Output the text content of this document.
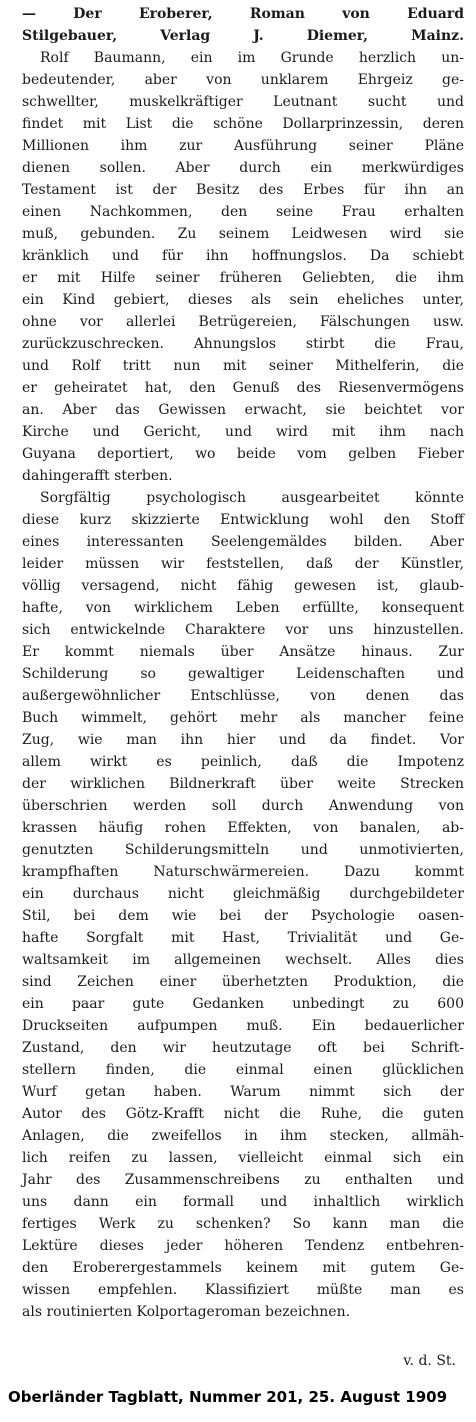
— Der Eroberer, Roman von Eduard
Stilgebauer, Verlag J. Diemer, Mainz.
Rolf Baumann, ein im Grunde herzlich un-
bedeutender, aber von unklarem Ehrgeiz ge-
schwellter, muskelkräftiger Leutnant sucht und
findet mit List die schöne Dollarprinzessin, deren
Millionen ihm zur Ausführung seiner Pläne
dienen sollen. Aber durch ein merkwürdiges
Testament ist der Besitz des Erbes für ihn an
einen Nachkommen, den seine Frau erhalten
muß, gebunden. Zu seinem Leidwesen wird sie
kränklich und für ihn hoffnungslos. Da schiebt
er mit Hilfe seiner früheren Geliebten, die ihm
ein Kind gebiert, dieses als sein eheliches unter,
ohne vor allerlei Betrügereien, Fälschungen usw.
zurückzuschrecken. Ahnungslos stirbt die Frau,
und Rolf tritt nun mit seiner Mithelferin, die
er geheiratet hat, den Genuß des Riesenvermögens
an. Aber das Gewissen erwacht, sie beichtet vor
Kirche und Gericht, und wird mit ihm nach
Guyana deportiert, wo beide vom gelben Fieber
dahingerafft sterben.
Sorgfältig psychologisch ausgearbeitet könnte
diese kurz skizzierte Entwicklung wohl den Stoff
eines interessanten Seelengemäldes bilden. Aber
leider müssen wir feststellen, daß der Künstler,
völlig versagend, nicht fähig gewesen ist, glaub-
hafte, von wirklichem Leben erfüllte, konsequent
sich entwickelnde Charaktere vor uns hinzustellen.
Er kommt niemals über Ansätze hinaus. Zur
Schilderung so gewaltiger Leidenschaften und
außergewöhnlicher Entschlüsse, von denen das
Buch wimmelt, gehört mehr als mancher feine
Zug, wie man ihn hier und da findet. Vor
allem wirkt es peinlich, daß die Impotenz
der wirklichen Bildnerkraft über weite Strecken
überschrien werden soll durch Anwendung von
krassen häufig rohen Effekten, von banalen, ab-
genutzten Schilderungsmitteln und unmotivierten,
krampfhaften Naturschwärmereien. Dazu kommt
ein durchaus nicht gleichmäßig durchgebildeter
Stil, bei dem wie bei der Psychologie oasen-
hafte Sorgfalt mit Hast, Trivialität und Ge-
waltsamkeit im allgemeinen wechselt. Alles dies
sind Zeichen einer überhetzten Produktion, die
ein paar gute Gedanken unbedingt zu 600
Druckseiten aufpumpen muß. Ein bedauerlicher
Zustand, den wir heutzutage oft bei Schrift-
stellern finden, die einmal einen glücklichen
Wurf getan haben. Warum nimmt sich der
Autor des Götz-Krafft nicht die Ruhe, die guten
Anlagen, die zweifellos in ihm stecken, allmäh-
lich reifen zu lassen, vielleicht einmal sich ein
Jahr des Zusammenschreibens zu enthalten und
uns dann ein formall und inhaltlich wirklich
fertiges Werk zu schenken? So kann man die
Lektüre dieses jeder höheren Tendenz entbehren-
den Eroberergestammels keinem mit gutem Ge-
wissen empfehlen. Klassifiziert müßte man es
als routinierten Kolportageroman bezeichnen.
v. d. St.
Oberländer Tagblatt, Nummer 201, 25. August 1909
